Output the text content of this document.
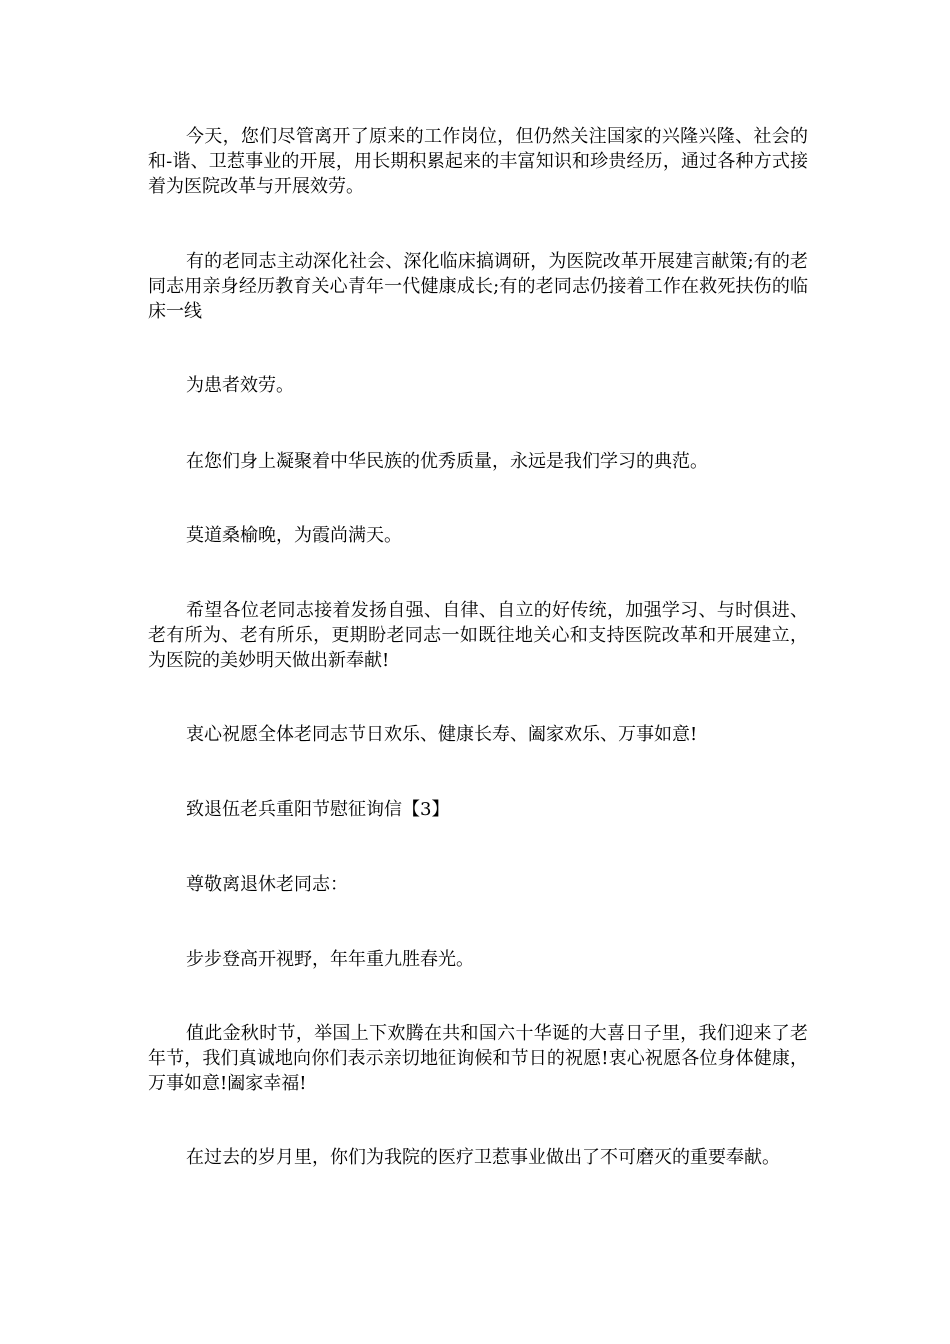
今天，您们尽管离开了原来的工作岗位，但仍然关注国家的兴隆兴隆、社会的和-谐、卫惹事业的开展，用长期积累起来的丰富知识和珍贵经历，通过各种方式接着为医院改革与开展效劳。

有的老同志主动深化社会、深化临床搞调研，为医院改革开展建言献策;有的老同志用亲身经历教育关心青年一代健康成长;有的老同志仍接着工作在救死扶伤的临床一线

为患者效劳。

在您们身上凝聚着中华民族的优秀质量，永远是我们学习的典范。

莫道桑榆晚，为霞尚满天。

希望各位老同志接着发扬自强、自律、自立的好传统，加强学习、与时俱进、老有所为、老有所乐，更期盼老同志一如既往地关心和支持医院改革和开展建立，为医院的美妙明天做出新奉献!

衷心祝愿全体老同志节日欢乐、健康长寿、阖家欢乐、万事如意!

致退伍老兵重阳节慰征询信【3】

尊敬离退休老同志：

步步登高开视野，年年重九胜春光。

值此金秋时节，举国上下欢腾在共和国六十华诞的大喜日子里，我们迎来了老年节，我们真诚地向你们表示亲切地征询候和节日的祝愿!衷心祝愿各位身体健康，万事如意!阖家幸福!

在过去的岁月里，你们为我院的医疗卫惹事业做出了不可磨灭的重要奉献。
